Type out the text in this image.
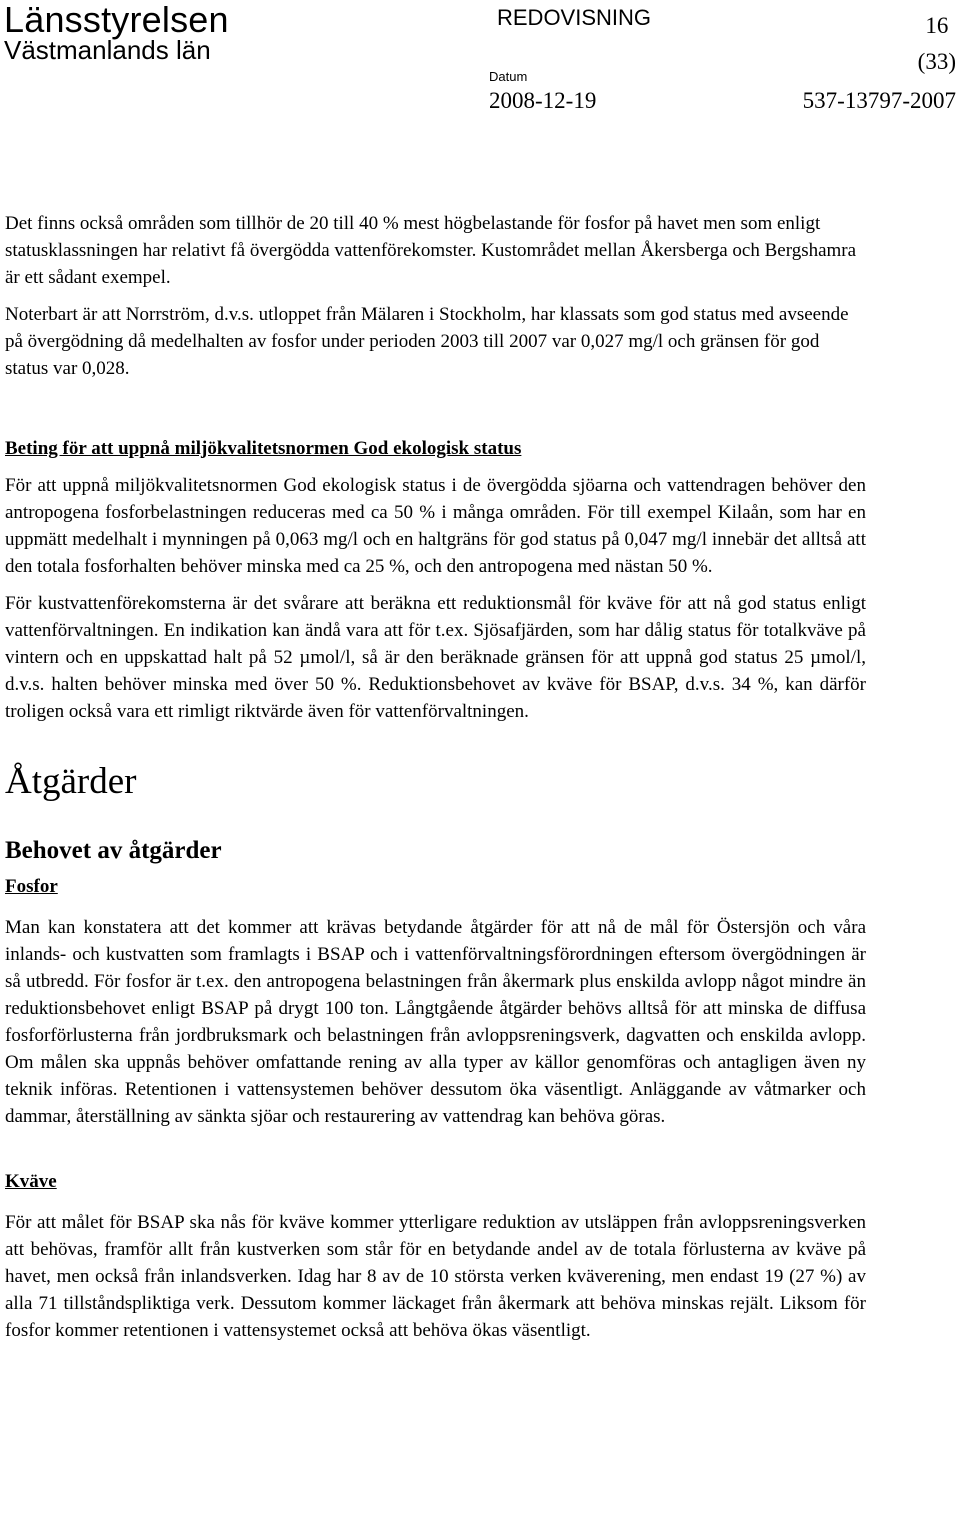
Länsstyrelsen
Västmanlands län
REDOVISNING	16
(33)
Datum
2008-12-19	537-13797-2007

Det finns också områden som tillhör de 20 till 40 % mest högbelastande för fosfor på havet men som enligt statusklassningen har relativt få övergödda vattenförekomster. Kustområdet mellan Åkersberga och Bergshamra är ett sådant exempel.

Noterbart är att Norrström, d.v.s. utloppet från Mälaren i Stockholm, har klassats som god status med avseende på övergödning då medelhalten av fosfor under perioden 2003 till 2007 var 0,027 mg/l och gränsen för god status var 0,028.

Beting för att uppnå miljökvalitetsnormen God ekologisk status

För att uppnå miljökvalitetsnormen God ekologisk status i de övergödda sjöarna och vattendragen behöver den antropogena fosforbelastningen reduceras med ca 50 % i många områden. För till exempel Kilaån, som har en uppmätt medelhalt i mynningen på 0,063 mg/l och en haltgräns för god status på 0,047 mg/l innebär det alltså att den totala fosforhalten behöver minska med ca 25 %, och den antropogena med nästan 50 %.

För kustvattenförekomsterna är det svårare att beräkna ett reduktionsmål för kväve för att nå god status enligt vattenförvaltningen. En indikation kan ändå vara att för t.ex. Sjösafjärden, som har dålig status för totalkväve på vintern och en uppskattad halt på 52 µmol/l, så är den beräknade gränsen för att uppnå god status 25 µmol/l, d.v.s. halten behöver minska med över 50 %. Reduktionsbehovet av kväve för BSAP, d.v.s. 34 %, kan därför troligen också vara ett rimligt riktvärde även för vattenförvaltningen.

Åtgärder
Behovet av åtgärder
Fosfor

Man kan konstatera att det kommer att krävas betydande åtgärder för att nå de mål för Östersjön och våra inlands- och kustvatten som framlagts i BSAP och i vattenförvaltningsförordningen eftersom övergödningen är så utbredd. För fosfor är t.ex. den antropogena belastningen från åkermark plus enskilda avlopp något mindre än reduktionsbehovet enligt BSAP på drygt 100 ton. Långtgående åtgärder behövs alltså för att minska de diffusa fosforförlusterna från jordbruksmark och belastningen från avloppsreningsverk, dagvatten och enskilda avlopp. Om målen ska uppnås behöver omfattande rening av alla typer av källor genomföras och antagligen även ny teknik införas. Retentionen i vattensystemen behöver dessutom öka väsentligt. Anläggande av våtmarker och dammar, återställning av sänkta sjöar och restaurering av vattendrag kan behöva göras.

Kväve

För att målet för BSAP ska nås för kväve kommer ytterligare reduktion av utsläppen från avloppsreningsverken att behövas, framför allt från kustverken som står för en betydande andel av de totala förlusterna av kväve på havet, men också från inlandsverken. Idag har 8 av de 10 största verken kväverening, men endast 19 (27 %) av alla 71 tillståndspliktiga verk. Dessutom kommer läckaget från åkermark att behöva minskas rejält. Liksom för fosfor kommer retentionen i vattensystemet också att behöva ökas väsentligt.
